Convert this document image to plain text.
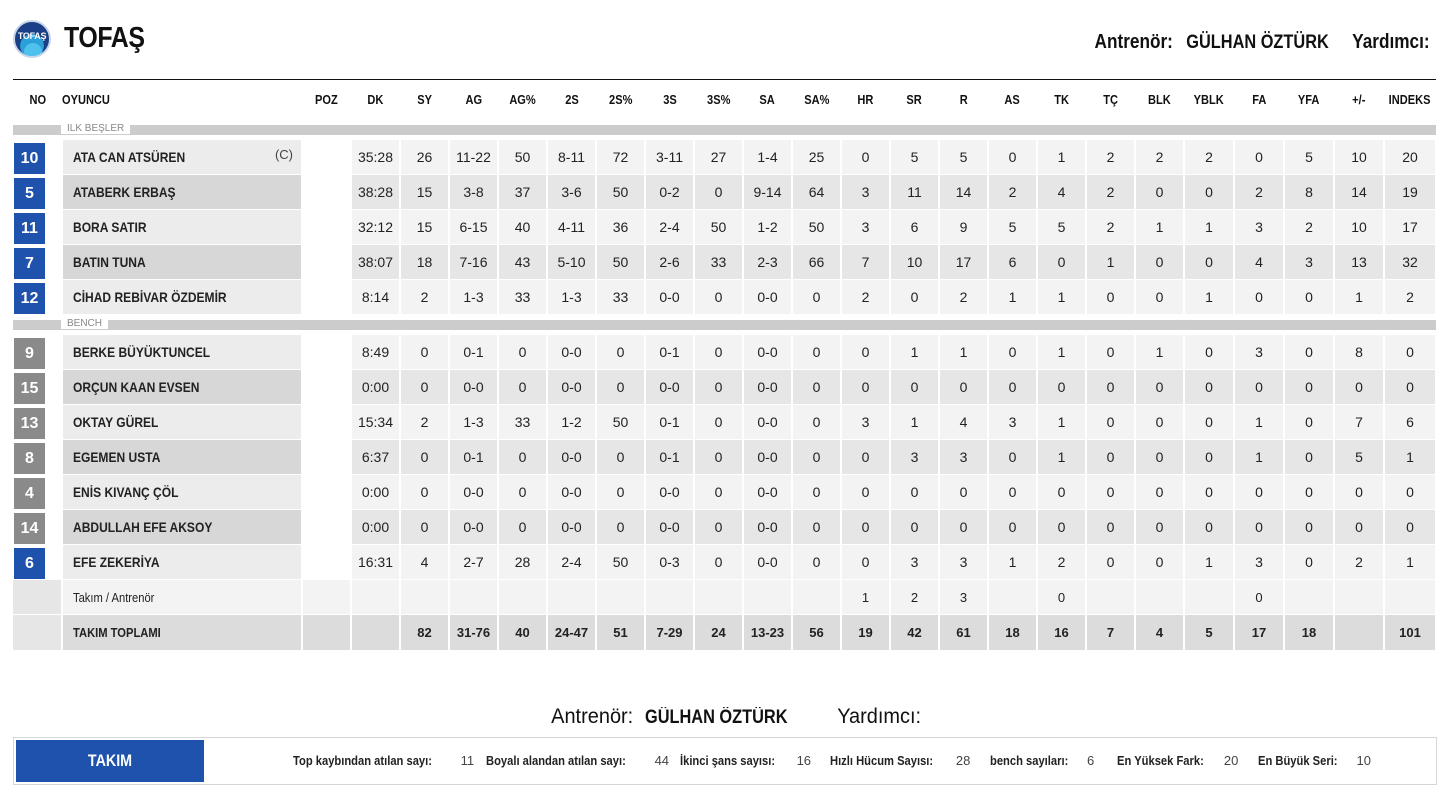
TOFAŞ TOFAŞ	Antrenör: GÜLHAN ÖZTÜRK Yardımcı:
NO	OYUNCU	POZ	DK	SY	AG	AG%	2S	2S%	3S	3S%	SA	SA%	HR	SR	R	AS	TK	TÇ	BLK	YBLK	FA	YFA	+/-	INDEKS

ILK BEŞLER																								

10	ATA CAN ATSÜREN (C)		35:28	26	11-22	50	8-11	72	3-11	27	1-4	25	0	5	5	0	1	2	2	2	0	5	10	20

5	ATABERK ERBAŞ		38:28	15	3-8	37	3-6	50	0-2	0	9-14	64	3	11	14	2	4	2	0	0	2	8	14	19

11	BORA SATIR		32:12	15	6-15	40	4-11	36	2-4	50	1-2	50	3	6	9	5	5	2	1	1	3	2	10	17

7	BATIN TUNA		38:07	18	7-16	43	5-10	50	2-6	33	2-3	66	7	10	17	6	0	1	0	0	4	3	13	32

12	CİHAD REBİVAR ÖZDEMİR		8:14	2	1-3	33	1-3	33	0-0	0	0-0	0	2	0	2	1	1	0	0	1	0	0	1	2

BENCH																								

9	BERKE BÜYÜKTUNCEL		8:49	0	0-1	0	0-0	0	0-1	0	0-0	0	0	1	1	0	1	0	1	0	3	0	8	0

15	ORÇUN KAAN EVSEN		0:00	0	0-0	0	0-0	0	0-0	0	0-0	0	0	0	0	0	0	0	0	0	0	0	0	0

13	OKTAY GÜREL		15:34	2	1-3	33	1-2	50	0-1	0	0-0	0	3	1	4	3	1	0	0	0	1	0	7	6

8	EGEMEN USTA		6:37	0	0-1	0	0-0	0	0-1	0	0-0	0	0	3	3	0	1	0	0	0	1	0	5	1

4	ENİS KIVANÇ ÇÖL		0:00	0	0-0	0	0-0	0	0-0	0	0-0	0	0	0	0	0	0	0	0	0	0	0	0	0

14	ABDULLAH EFE AKSOY		0:00	0	0-0	0	0-0	0	0-0	0	0-0	0	0	0	0	0	0	0	0	0	0	0	0	0

6	EFE ZEKERİYA		16:31	4	2-7	28	2-4	50	0-3	0	0-0	0	0	3	3	1	2	0	0	1	3	0	2	1
	Takım / Antrenör												1	2	3		0				0			
	TAKIM TOPLAMI			82	31-76	40	24-47	51	7-29	24	13-23	56	19	42	61	18	16	7	4	5	17	18		101
Antrenör: GÜLHAN ÖZTÜRK Yardımcı:
TAKIM İSTATİSTİKLERİ:
Top kaybından atılan sayı: 11 Boyalı alandan atılan sayı: 44 İkinci şans sayısı: 16 Hızlı Hücum Sayısı: 28 bench sayıları: 6 En Yüksek Fark: 20 En Büyük Seri: 10
